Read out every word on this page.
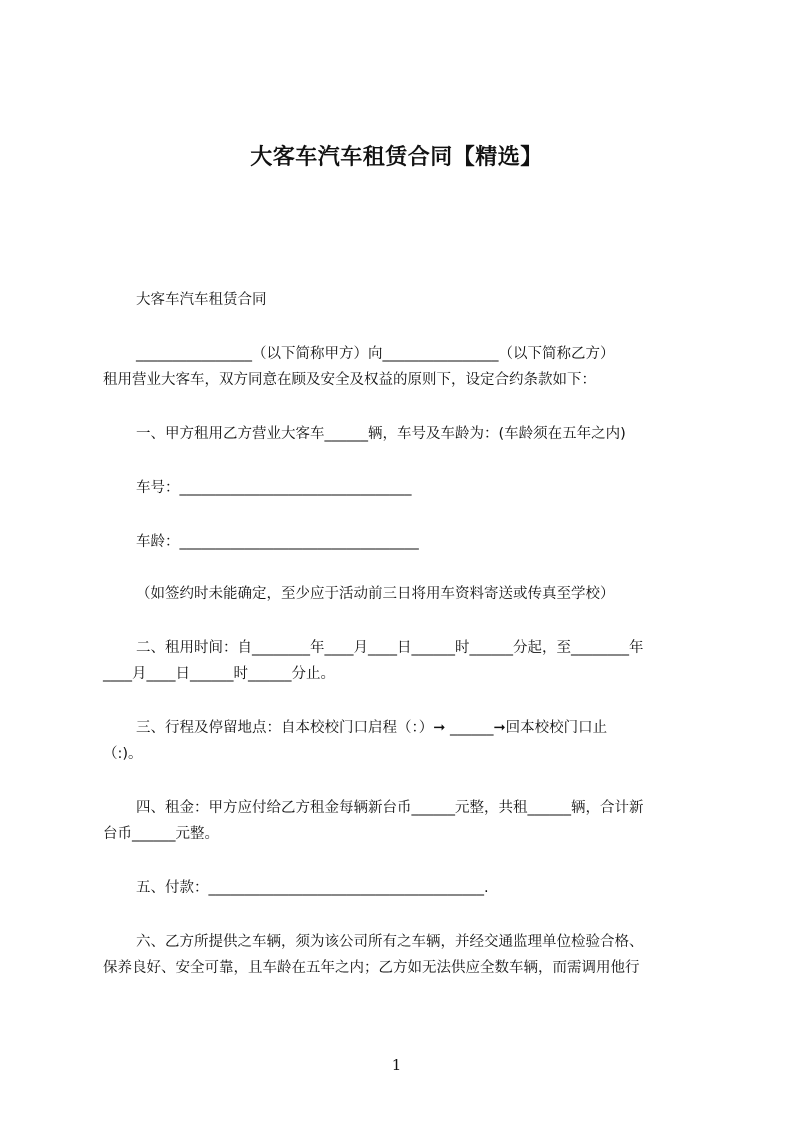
大客车汽车租赁合同【精选】
大客车汽车租赁合同
________________（以下简称甲方）向________________（以下简称乙方）
租用营业大客车，双方同意在顾及安全及权益的原则下，设定合约条款如下：
一、甲方租用乙方营业大客车______辆，车号及车龄为：(车龄须在五年之内)
车号：________________________________
车龄：_________________________________
（如签约时未能确定，至少应于活动前三日将用车资料寄送或传真至学校）
二、租用时间：自________年____月____日______时______分起，至________年
____月____日______时______分止。
三、行程及停留地点：自本校校门口启程（：）➞ ______➞回本校校门口止
（:)。
四、租金：甲方应付给乙方租金每辆新台币______元整，共租______辆，合计新
台币______元整。
五、付款：______________________________________.
六、乙方所提供之车辆，须为该公司所有之车辆，并经交通监理单位检验合格、
保养良好、安全可靠，且车龄在五年之内；乙方如无法供应全数车辆，而需调用他行
1
